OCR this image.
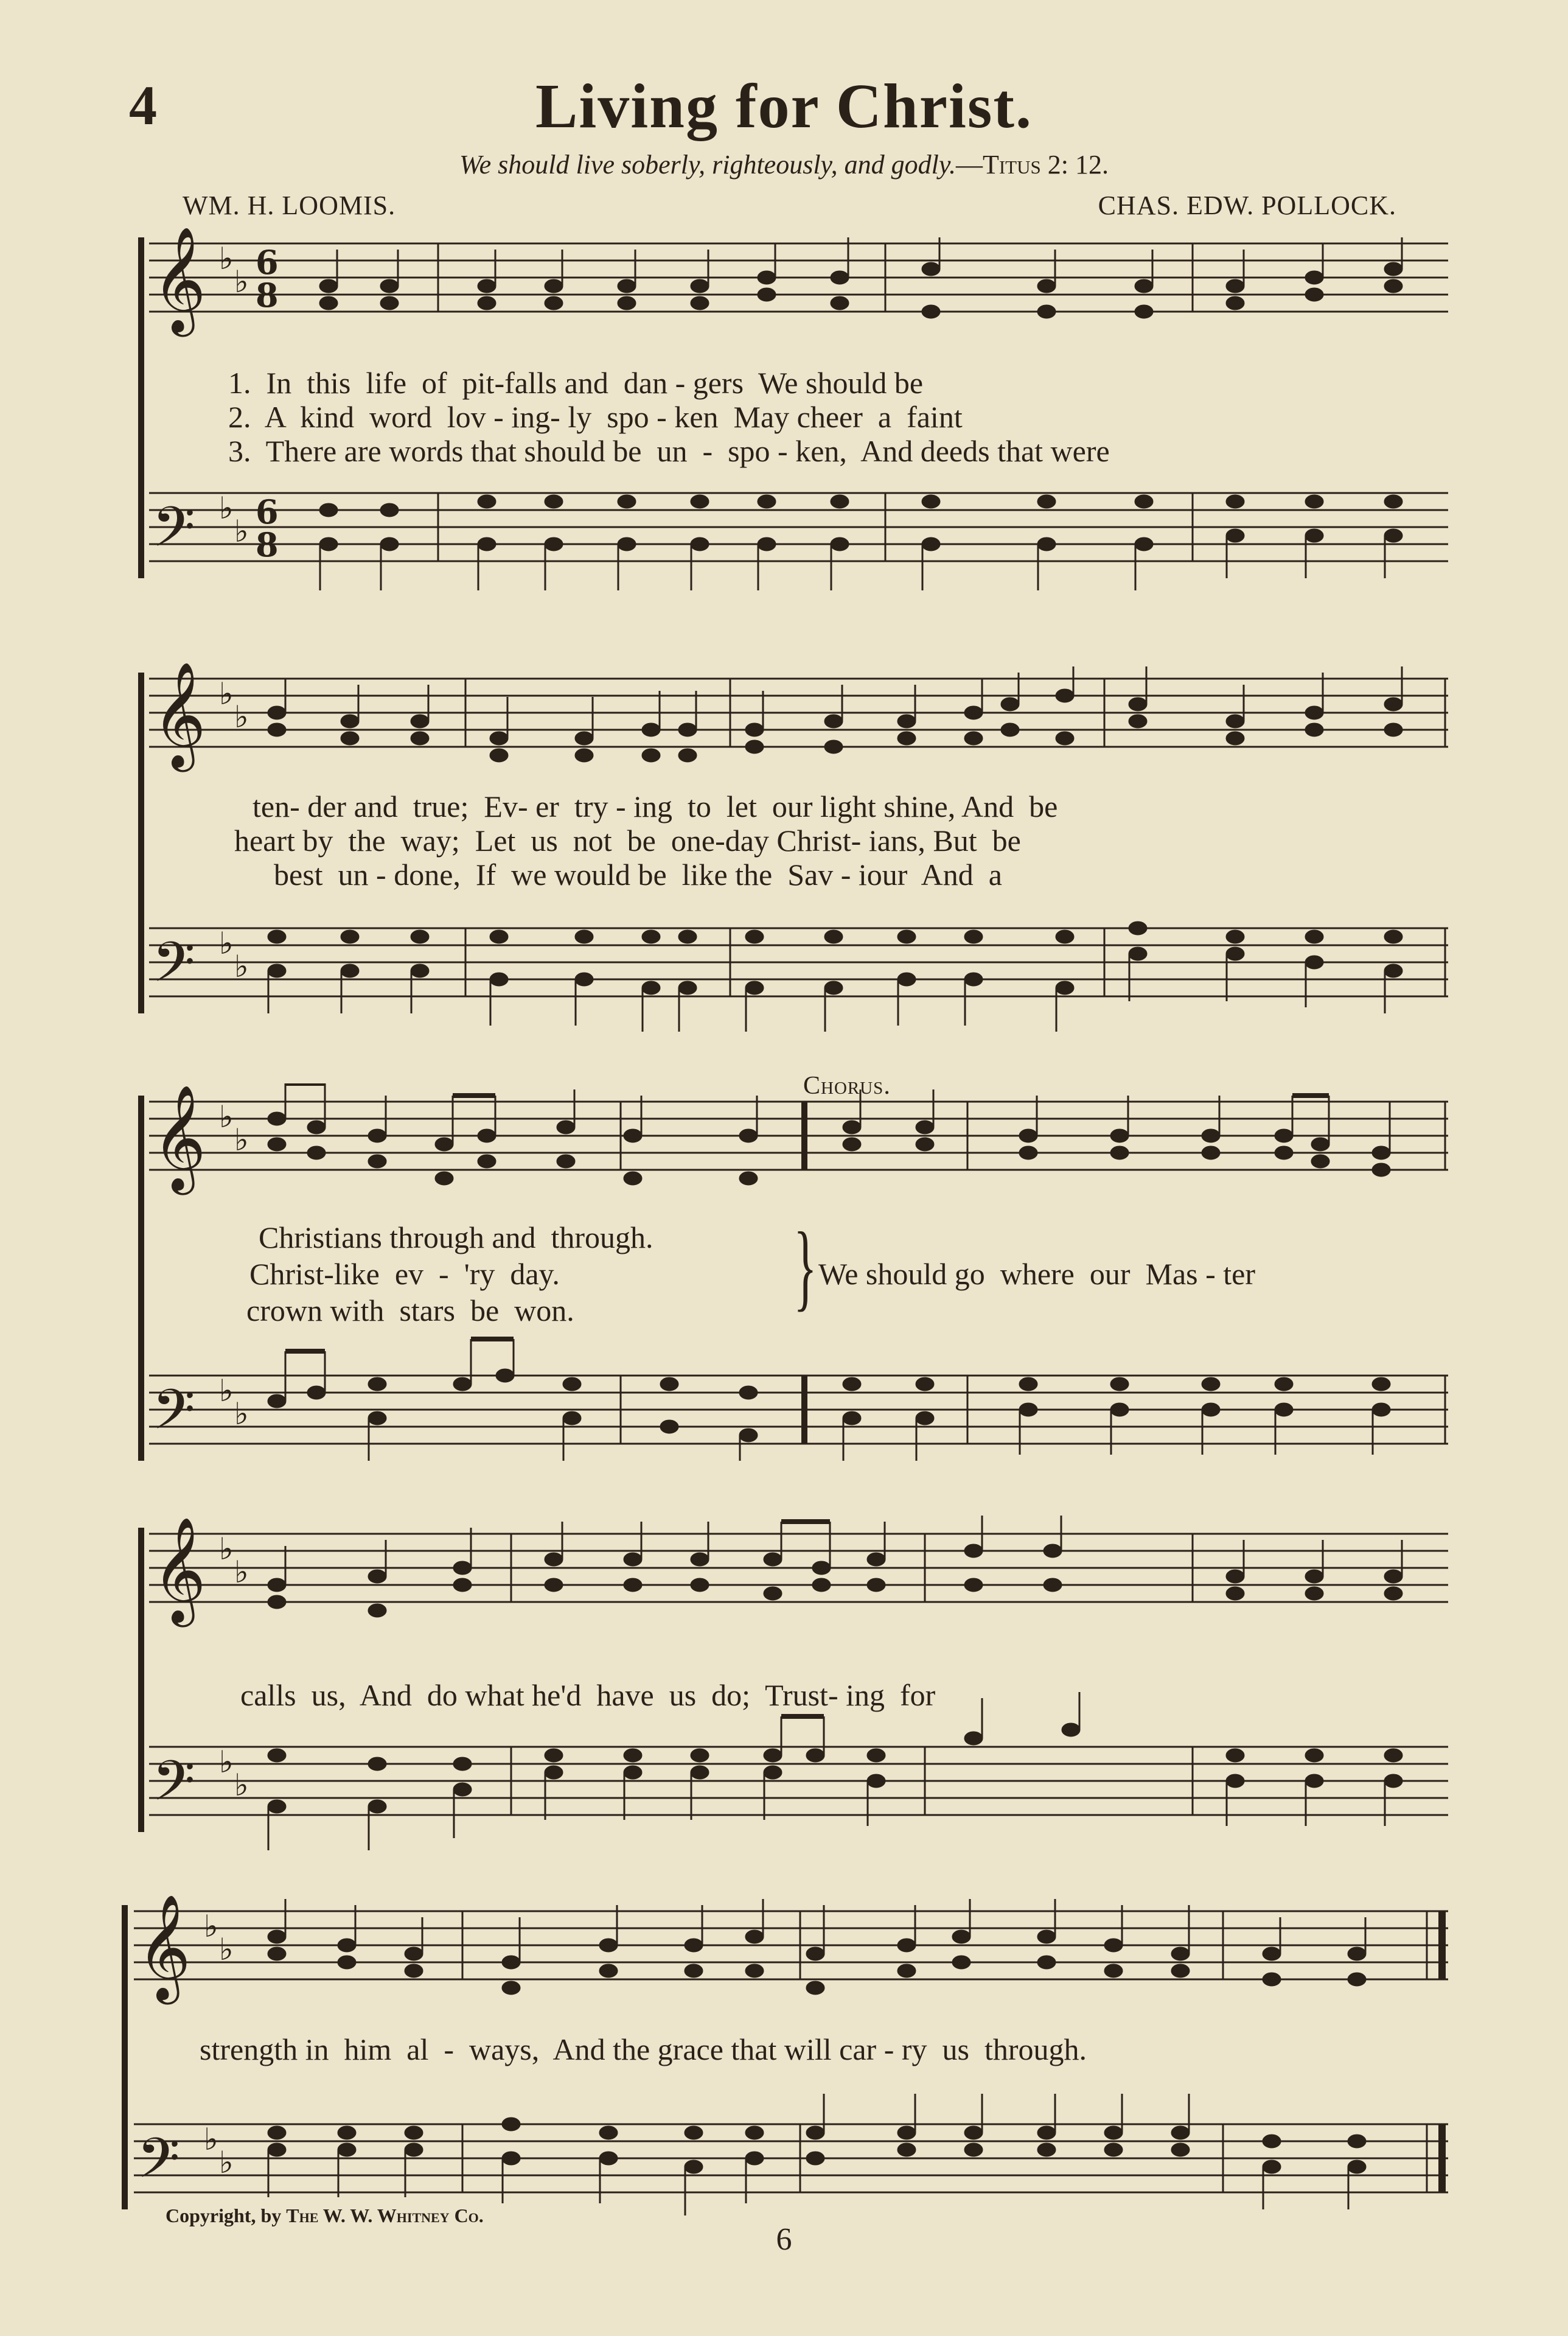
4	Living for Christ.
We should live soberly, righteously, and godly.—Titus 2: 12.
WM. H. LOOMIS.	CHAS. EDW. POLLOCK.
𝄞 ♭
♭ 6
8
𝄢 ♭
♭ 6
8
1.  In  this  life  of  pit-falls and  dan - gers  We should be
2.  A  kind  word  lov - ing- ly  spo - ken  May cheer  a  faint
3.  There are words that should be  un  -  spo - ken,  And deeds that were
𝄞 ♭
♭
𝄢 ♭
♭
ten- der and  true;  Ev- er  try - ing  to  let  our light shine, And  be
heart by  the  way;  Let  us  not  be  one-day Christ- ians, But  be
best  un - done,  If  we would be  like the  Sav - iour  And  a
Chorus.
𝄞 ♭
♭
𝄢 ♭
♭
Christians through and  through.
Christ-like  ev  -  'ry  day.
crown with  stars  be  won. } We should go  where  our  Mas - ter
𝄞 ♭
♭
𝄢 ♭
♭
calls  us,  And  do what he'd  have  us  do;  Trust- ing  for
𝄞 ♭
♭
𝄢 ♭
♭
strength in  him  al  -  ways,  And the grace that will car - ry  us  through.
Copyright, by The W. W. Whitney Co.
6
